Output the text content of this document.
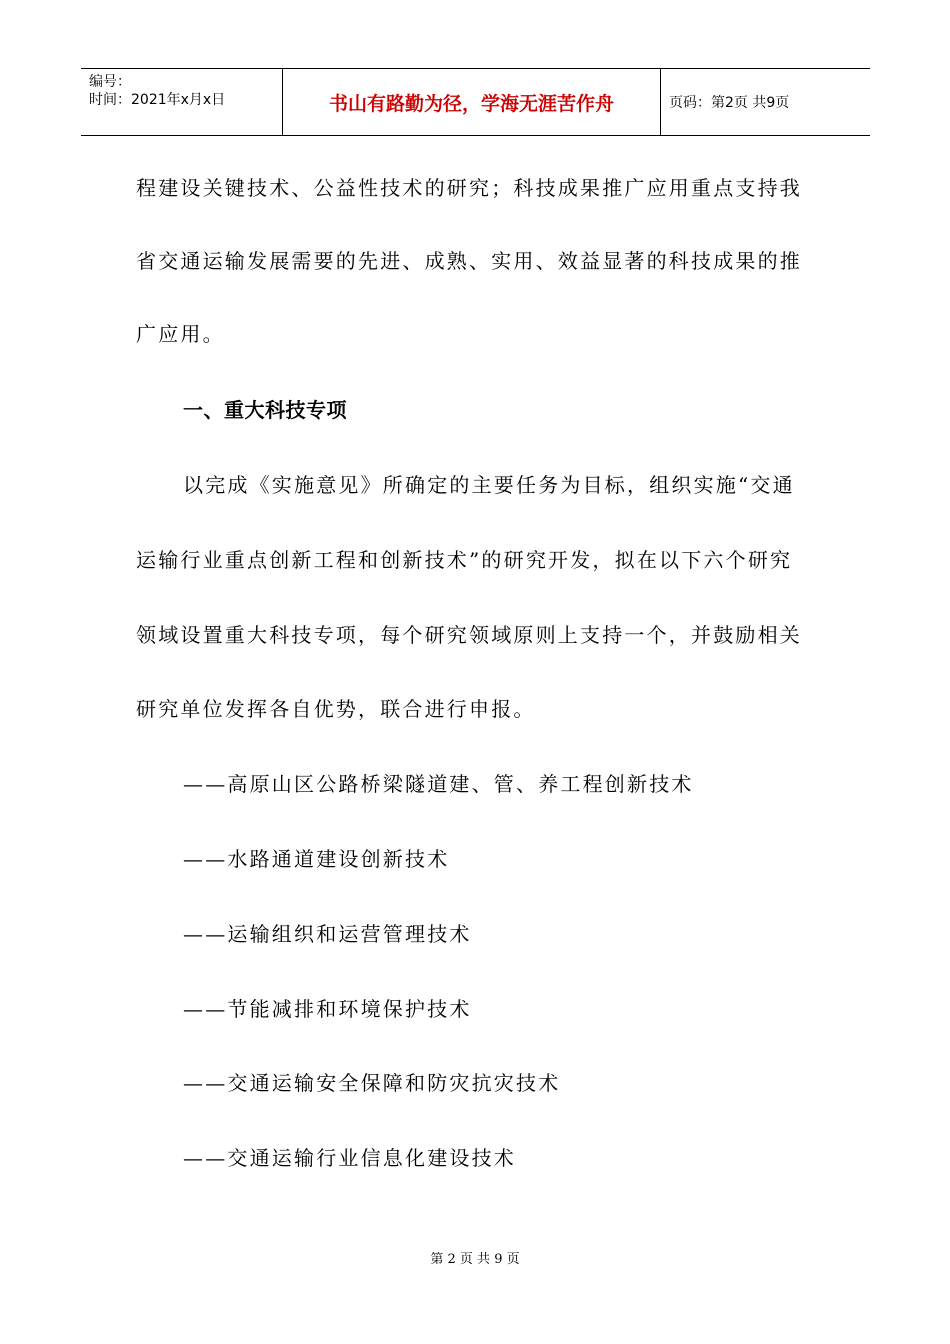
编号：
时间：2021年x月x日	书山有路勤为径，学海无涯苦作舟	页码：第2页 共9页
程建设关键技术、公益性技术的研究；科技成果推广应用重点支持我
省交通运输发展需要的先进、成熟、实用、效益显著的科技成果的推
广应用。
一、重大科技专项
以完成《实施意见》所确定的主要任务为目标，组织实施“交通
运输行业重点创新工程和创新技术”的研究开发，拟在以下六个研究
领域设置重大科技专项，每个研究领域原则上支持一个，并鼓励相关
研究单位发挥各自优势，联合进行申报。
——高原山区公路桥梁隧道建、管、养工程创新技术
——水路通道建设创新技术
——运输组织和运营管理技术
——节能减排和环境保护技术
——交通运输安全保障和防灾抗灾技术
——交通运输行业信息化建设技术
第 2 页 共 9 页
